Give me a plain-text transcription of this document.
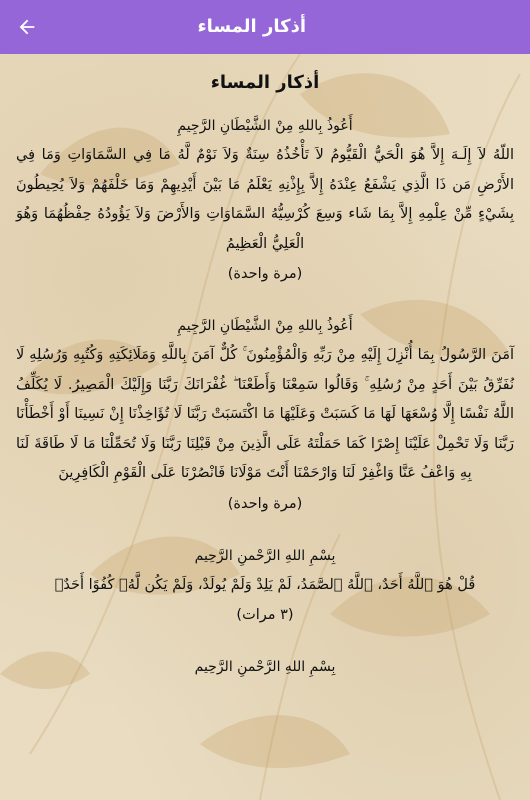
أذكار المساء
أذكار المساء
أَعُوذُ بِاللهِ مِنْ الشَّيْطَانِ الرَّجِيمِ
اللّهُ لاَ إِلَـهَ إِلاَّ هُوَ الْحَيُّ الْقَيُّومُ لاَ تَأْخُذُهُ سِنَةٌ وَلاَ نَوْمٌ لَّهُ مَا فِي السَّمَاوَاتِ وَمَا فِي الأَرْضِ مَن ذَا الَّذِي يَشْفَعُ عِنْدَهُ إِلاَّ بِإِذْنِهِ يَعْلَمُ مَا بَيْنَ أَيْدِيهِمْ وَمَا خَلْفَهُمْ وَلاَ يُحِيطُونَ بِشَيْءٍ مِّنْ عِلْمِهِ إِلاَّ بِمَا شَاء وَسِعَ كُرْسِيُّهُ السَّمَاوَاتِ وَالأَرْضَ وَلاَ يَؤُودُهُ حِفْظُهُمَا وَهُوَ الْعَلِيُّ الْعَظِيمُ
(مرة واحدة)
أَعُوذُ بِاللهِ مِنْ الشَّيْطَانِ الرَّجِيمِ
آمَنَ الرَّسُولُ بِمَا أُنْزِلَ إِلَيْهِ مِنْ رَبِّهِ وَالْمُؤْمِنُونَ ۚ كُلٌّ آمَنَ بِاللَّهِ وَمَلَائِكَتِهِ وَكُتُبِهِ وَرُسُلِهِ لَا نُفَرِّقُ بَيْنَ أَحَدٍ مِنْ رُسُلِهِ ۚ وَقَالُوا سَمِعْنَا وَأَطَعْنَا ۖ غُفْرَانَكَ رَبَّنَا وَإِلَيْكَ الْمَصِيرُ. لَا يُكَلِّفُ اللَّهُ نَفْسًا إِلَّا وُسْعَهَا لَهَا مَا كَسَبَتْ وَعَلَيْهَا مَا اكْتَسَبَتْ رَبَّنَا لَا تُؤَاخِذْنَا إِنْ نَسِينَا أَوْ أَخْطَأْنَا رَبَّنَا وَلَا تَحْمِلْ عَلَيْنَا إِصْرًا كَمَا حَمَلْتَهُ عَلَى الَّذِينَ مِنْ قَبْلِنَا رَبَّنَا وَلَا تُحَمِّلْنَا مَا لَا طَاقَةَ لَنَا بِهِ وَاعْفُ عَنَّا وَاغْفِرْ لَنَا وَارْحَمْنَا أَنْتَ مَوْلَانَا فَانْصُرْنَا عَلَى الْقَوْمِ الْكَافِرِينَ
(مرة واحدة)
بِسْمِ اللهِ الرَّحْمنِ الرَّحِيم
قُلْ هُوَ ٱللَّهُ أَحَدٌ، ٱللَّهُ ٱلصَّمَدُ، لَمْ يَلِدْ وَلَمْ يُولَدْ، وَلَمْ يَكُن لَّهُۥ كُفُوًا أَحَدٌۢ
(٣ مرات)
بِسْمِ اللهِ الرَّحْمنِ الرَّحِيم
